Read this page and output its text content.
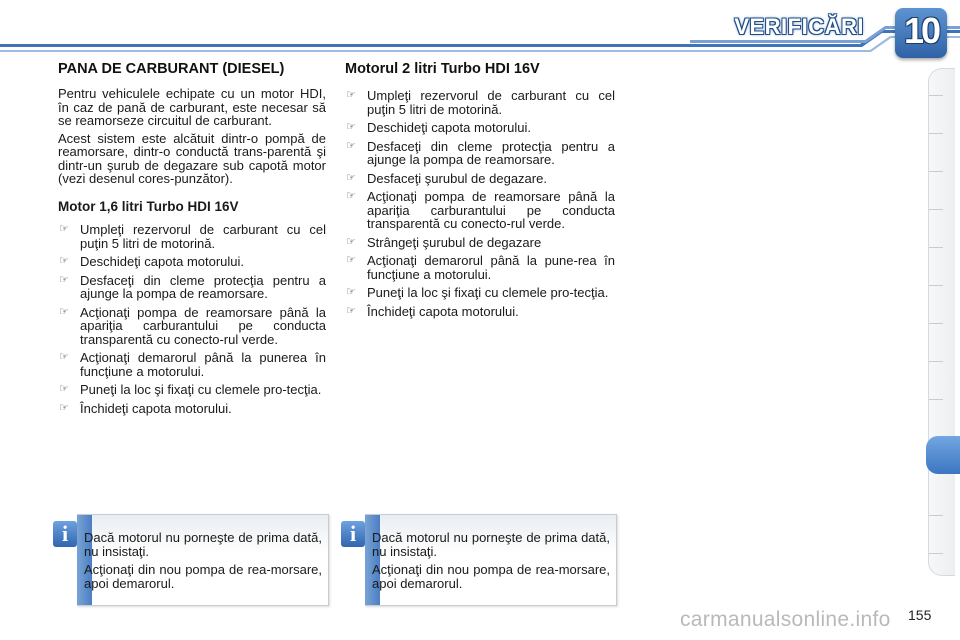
VERIFICĂRI 10
PANA DE CARBURANT (DIESEL)

Pentru vehiculele echipate cu un motor HDI, în caz de pană de carburant, este necesar să se reamorseze circuitul de carburant.

Acest sistem este alcătuit dintr-o pompă de reamorsare, dintr-o conductă trans-parentă şi dintr-un şurub de degazare sub capotă motor (vezi desenul cores-punzător).

Motor 1,6 litri Turbo HDI 16V
☞ Umpleţi rezervorul de carburant cu cel puţin 5 litri de motorină.
☞ Deschideţi capota motorului.
☞ Desfaceţi din cleme protecţia pentru a ajunge la pompa de reamorsare.
☞ Acţionaţi pompa de reamorsare până la apariţia carburantului pe conducta transparentă cu conecto-rul verde.
☞ Acţionaţi demarorul până la punerea în funcţiune a motorului.
☞ Puneţi la loc şi fixaţi cu clemele pro-tecţia.
☞ Închideţi capota motorului.
Motorul 2 litri Turbo HDI 16V
☞ Umpleţi rezervorul de carburant cu cel puţin 5 litri de motorină.
☞ Deschideţi capota motorului.
☞ Desfaceţi din cleme protecţia pentru a ajunge la pompa de reamorsare.
☞ Desfaceţi şurubul de degazare.
☞ Acţionaţi pompa de reamorsare până la apariţia carburantului pe conducta transparentă cu conecto-rul verde.
☞ Strângeţi şurubul de degazare
☞ Acţionaţi demarorul până la pune-rea în funcţiune a motorului.
☞ Puneţi la loc şi fixaţi cu clemele pro-tecţia.
☞ Închideţi capota motorului.

Dacă motorul nu porneşte de prima dată, nu insistaţi.

Acţionaţi din nou pompa de rea-morsare, apoi demarorul.

i	Dacă motorul nu porneşte de prima dată, nu insistaţi.

Acţionaţi din nou pompa de rea-morsare, apoi demarorul.

i
carmanualsonline.info 155
